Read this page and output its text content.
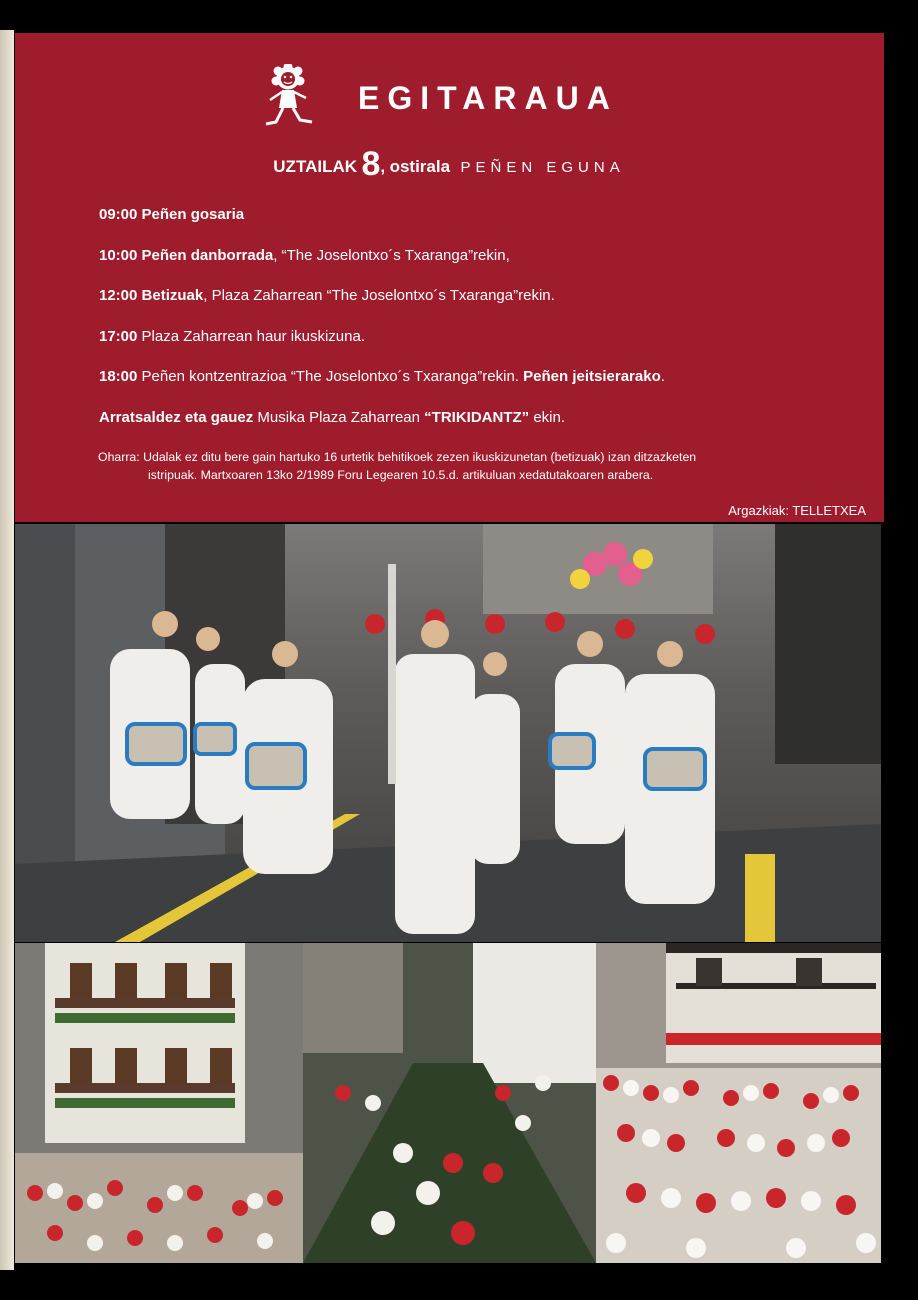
EGITARAUA
UZTAILAK 8, ostirala PEÑEN EGUNA
09:00 Peñen gosaria
10:00 Peñen danborrada, “The Joselontxo´s Txaranga”rekin,
12:00 Betizuak, Plaza Zaharrean “The Joselontxo´s Txaranga”rekin.
17:00 Plaza Zaharrean haur ikuskizuna.
18:00 Peñen kontzentrazioa “The Joselontxo´s Txaranga”rekin. Peñen jeitsierarako.
Arratsaldez eta gauez Musika Plaza Zaharrean “TRIKIDANTZ” ekin.
Oharra: Udalak ez ditu bere gain hartuko 16 urtetik behitikoek zezen ikuskizunetan (betizuak) izan ditzazketen
istripuak. Martxoaren 13ko 2/1989 Foru Legearen 10.5.d. artikuluan xedatutakoaren arabera.
Argazkiak: TELLETXEA
